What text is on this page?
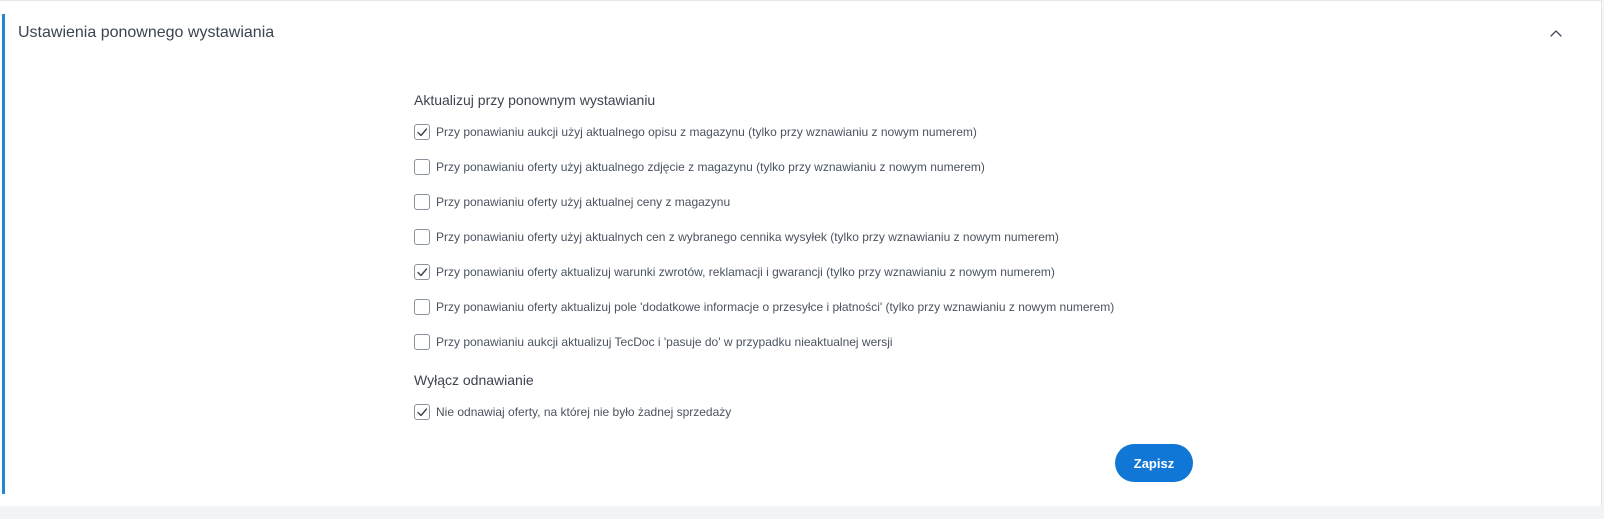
Ustawienia ponownego wystawiania
Aktualizuj przy ponownym wystawianiu
Przy ponawianiu aukcji użyj aktualnego opisu z magazynu (tylko przy wznawianiu z nowym numerem)
Przy ponawianiu oferty użyj aktualnego zdjęcie z magazynu (tylko przy wznawianiu z nowym numerem)
Przy ponawianiu oferty użyj aktualnej ceny z magazynu
Przy ponawianiu oferty użyj aktualnych cen z wybranego cennika wysyłek (tylko przy wznawianiu z nowym numerem)
Przy ponawianiu oferty aktualizuj warunki zwrotów, reklamacji i gwarancji (tylko przy wznawianiu z nowym numerem)
Przy ponawianiu oferty aktualizuj pole 'dodatkowe informacje o przesyłce i płatności' (tylko przy wznawianiu z nowym numerem)
Przy ponawianiu aukcji aktualizuj TecDoc i 'pasuje do' w przypadku nieaktualnej wersji
Wyłącz odnawianie
Nie odnawiaj oferty, na której nie było żadnej sprzedaży
Zapisz
